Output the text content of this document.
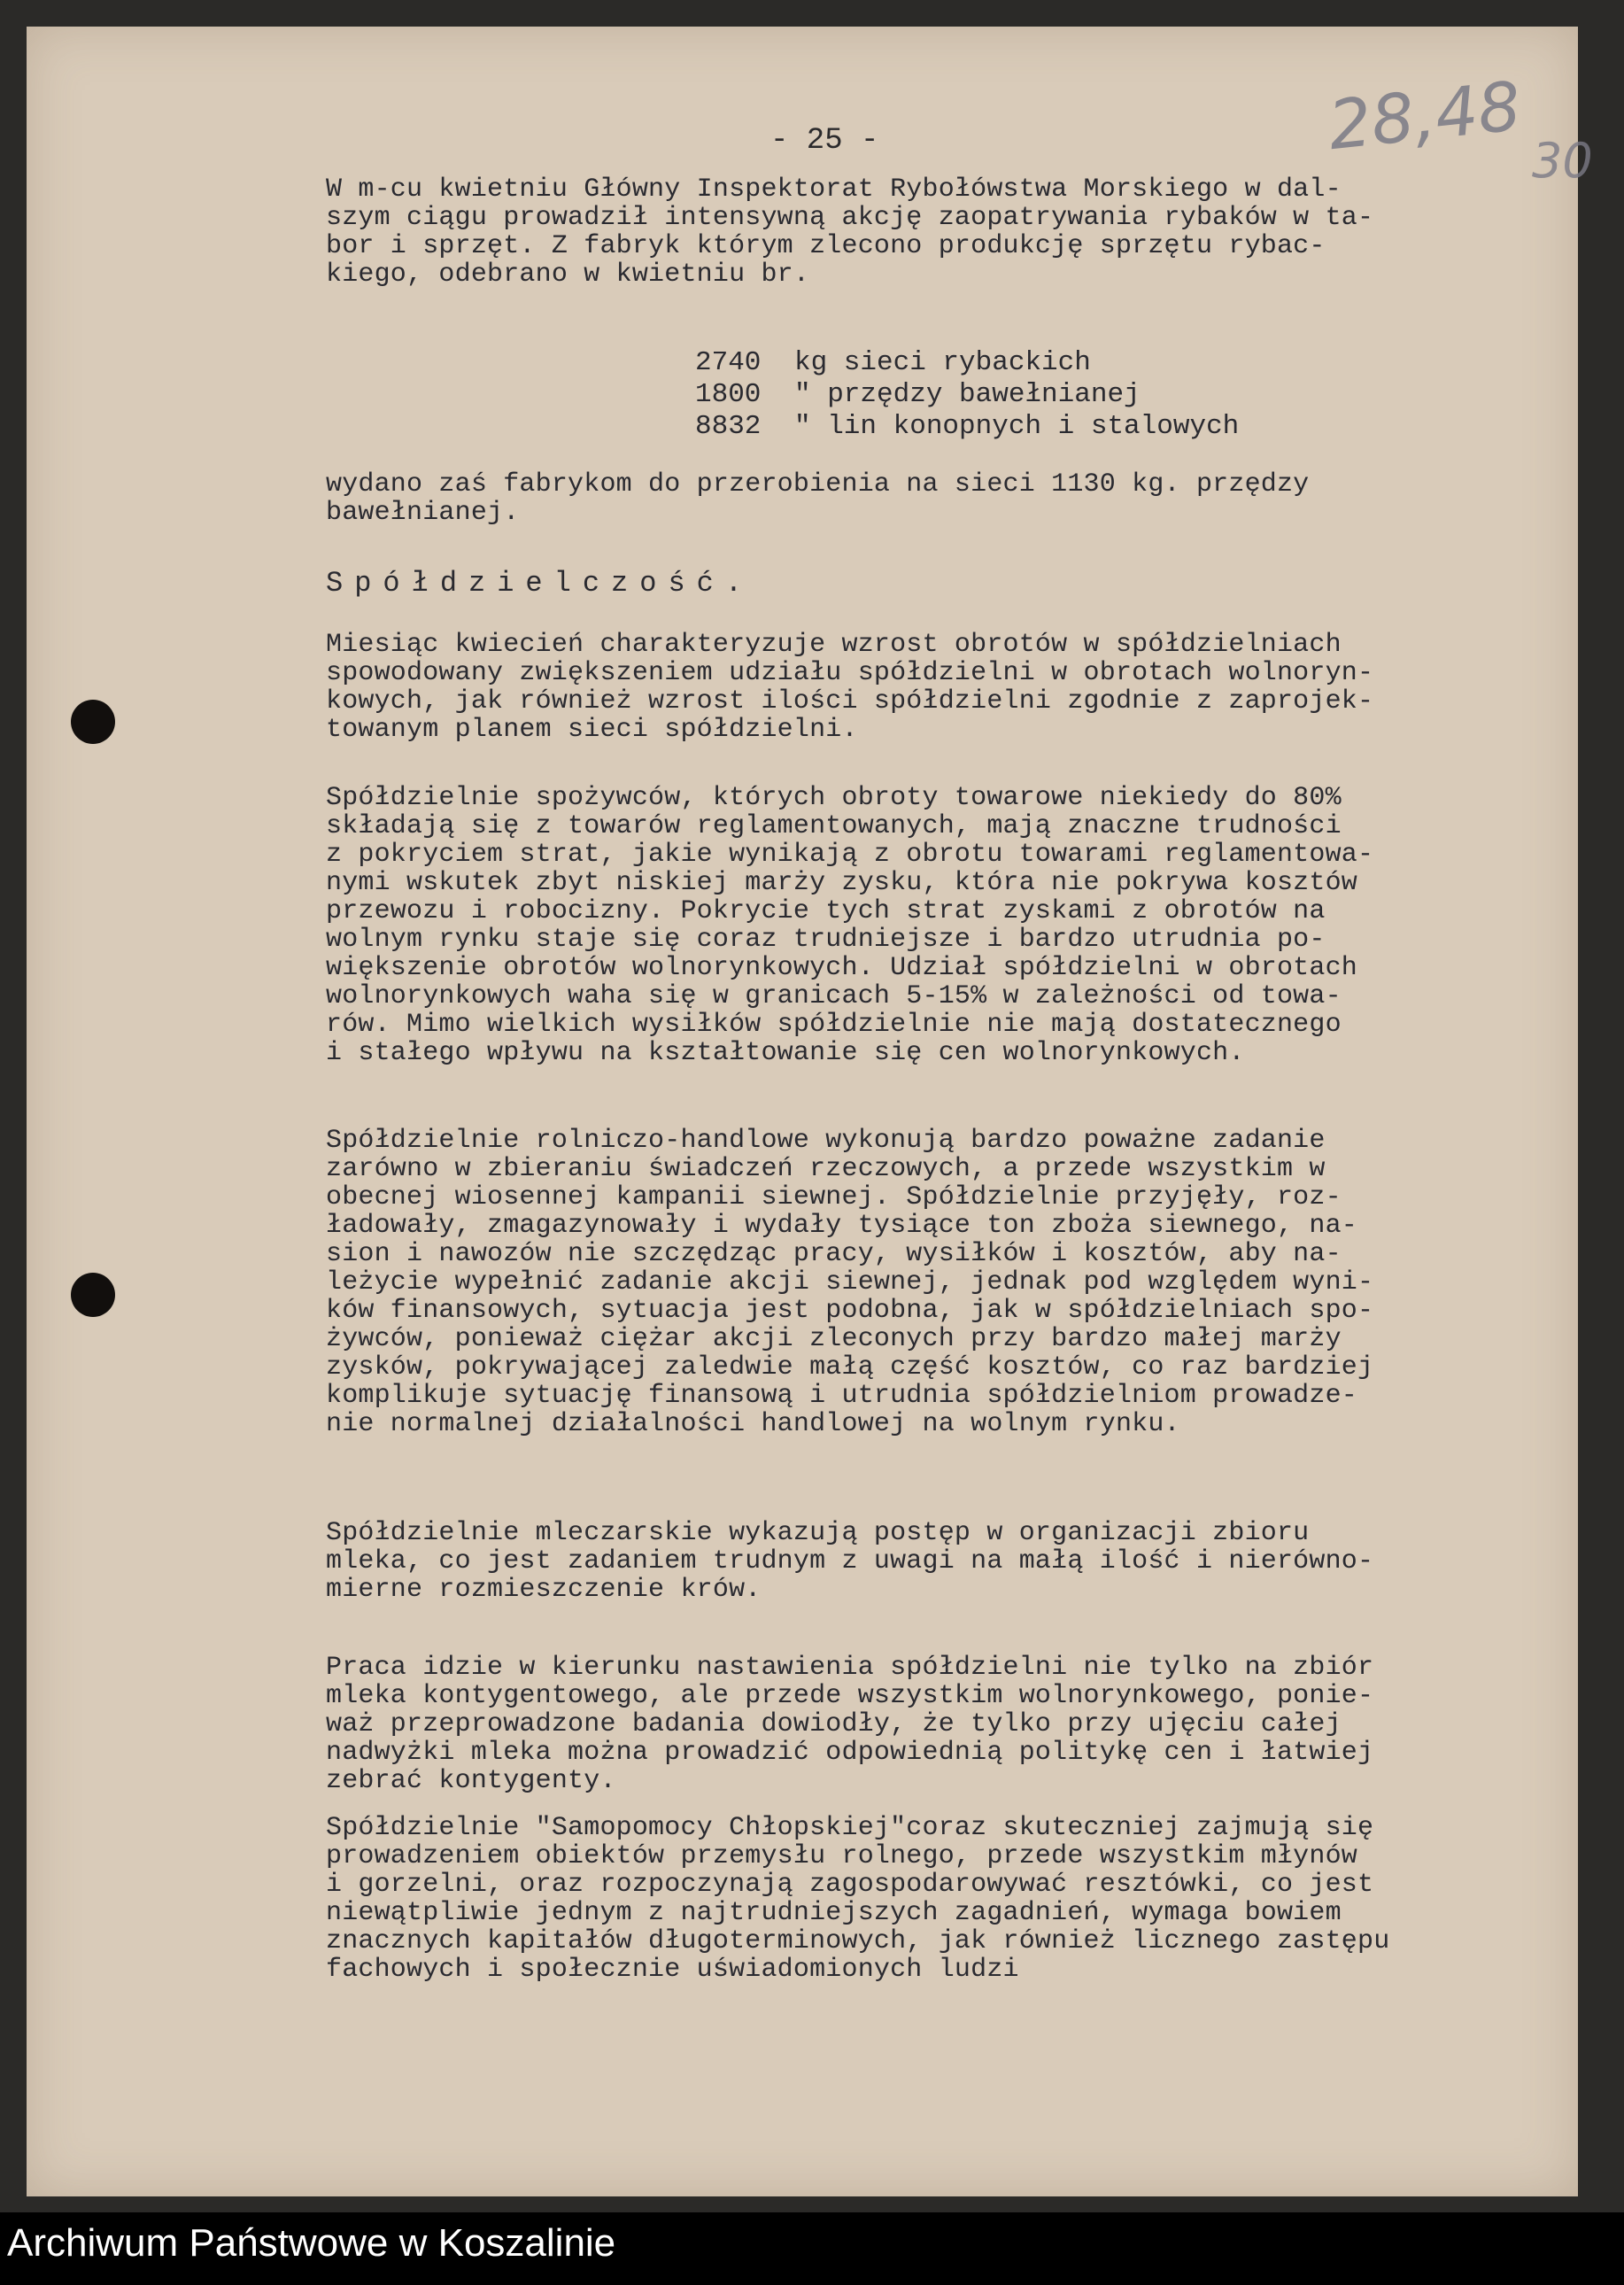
28,48 30
- 25 -
W m-cu kwietniu Główny Inspektorat Rybołówstwa Morskiego w dal-
szym ciągu prowadził intensywną akcję zaopatrywania rybaków w ta-
bor i sprzęt. Z fabryk którym zlecono produkcję sprzętu rybac-
kiego, odebrano w kwietniu br.
2740	kg sieci rybackich
1800	" przędzy bawełnianej
8832	" lin konopnych i stalowych
wydano zaś fabrykom do przerobienia na sieci 1130 kg. przędzy
bawełnianej.
Spółdzielczość.
Miesiąc kwiecień charakteryzuje wzrost obrotów w spółdzielniach
spowodowany zwiększeniem udziału spółdzielni w obrotach wolnoryn-
kowych, jak również wzrost ilości spółdzielni zgodnie z zaprojek-
towanym planem sieci spółdzielni.
Spółdzielnie spożywców, których obroty towarowe niekiedy do 80%
składają się z towarów reglamentowanych, mają znaczne trudności
z pokryciem strat, jakie wynikają z obrotu towarami reglamentowa-
nymi wskutek zbyt niskiej marży zysku, która nie pokrywa kosztów
przewozu i robocizny. Pokrycie tych strat zyskami z obrotów na
wolnym rynku staje się coraz trudniejsze i bardzo utrudnia po-
większenie obrotów wolnorynkowych. Udział spółdzielni w obrotach
wolnorynkowych waha się w granicach 5-15% w zależności od towa-
rów. Mimo wielkich wysiłków spółdzielnie nie mają dostatecznego
i stałego wpływu na kształtowanie się cen wolnorynkowych.
Spółdzielnie rolniczo-handlowe wykonują bardzo poważne zadanie
zarówno w zbieraniu świadczeń rzeczowych, a przede wszystkim w
obecnej wiosennej kampanii siewnej. Spółdzielnie przyjęły, roz-
ładowały, zmagazynowały i wydały tysiące ton zboża siewnego, na-
sion i nawozów nie szczędząc pracy, wysiłków i kosztów, aby na-
leżycie wypełnić zadanie akcji siewnej, jednak pod względem wyni-
ków finansowych, sytuacja jest podobna, jak w spółdzielniach spo-
żywców, ponieważ ciężar akcji zleconych przy bardzo małej marży
zysków, pokrywającej zaledwie małą część kosztów, co raz bardziej
komplikuje sytuację finansową i utrudnia spółdzielniom prowadze-
nie normalnej działalności handlowej na wolnym rynku.
Spółdzielnie mleczarskie wykazują postęp w organizacji zbioru
mleka, co jest zadaniem trudnym z uwagi na małą ilość i nierówno-
mierne rozmieszczenie krów.
Praca idzie w kierunku nastawienia spółdzielni nie tylko na zbiór
mleka kontygentowego, ale przede wszystkim wolnorynkowego, ponie-
waż przeprowadzone badania dowiodły, że tylko przy ujęciu całej
nadwyżki mleka można prowadzić odpowiednią politykę cen i łatwiej
zebrać kontygenty.
Spółdzielnie "Samopomocy Chłopskiej"coraz skuteczniej zajmują się
prowadzeniem obiektów przemysłu rolnego, przede wszystkim młynów
i gorzelni, oraz rozpoczynają zagospodarowywać resztówki, co jest
niewątpliwie jednym z najtrudniejszych zagadnień, wymaga bowiem
znacznych kapitałów długoterminowych, jak również licznego zastępu
fachowych i społecznie uświadomionych ludzi
Archiwum Państwowe w Koszalinie
